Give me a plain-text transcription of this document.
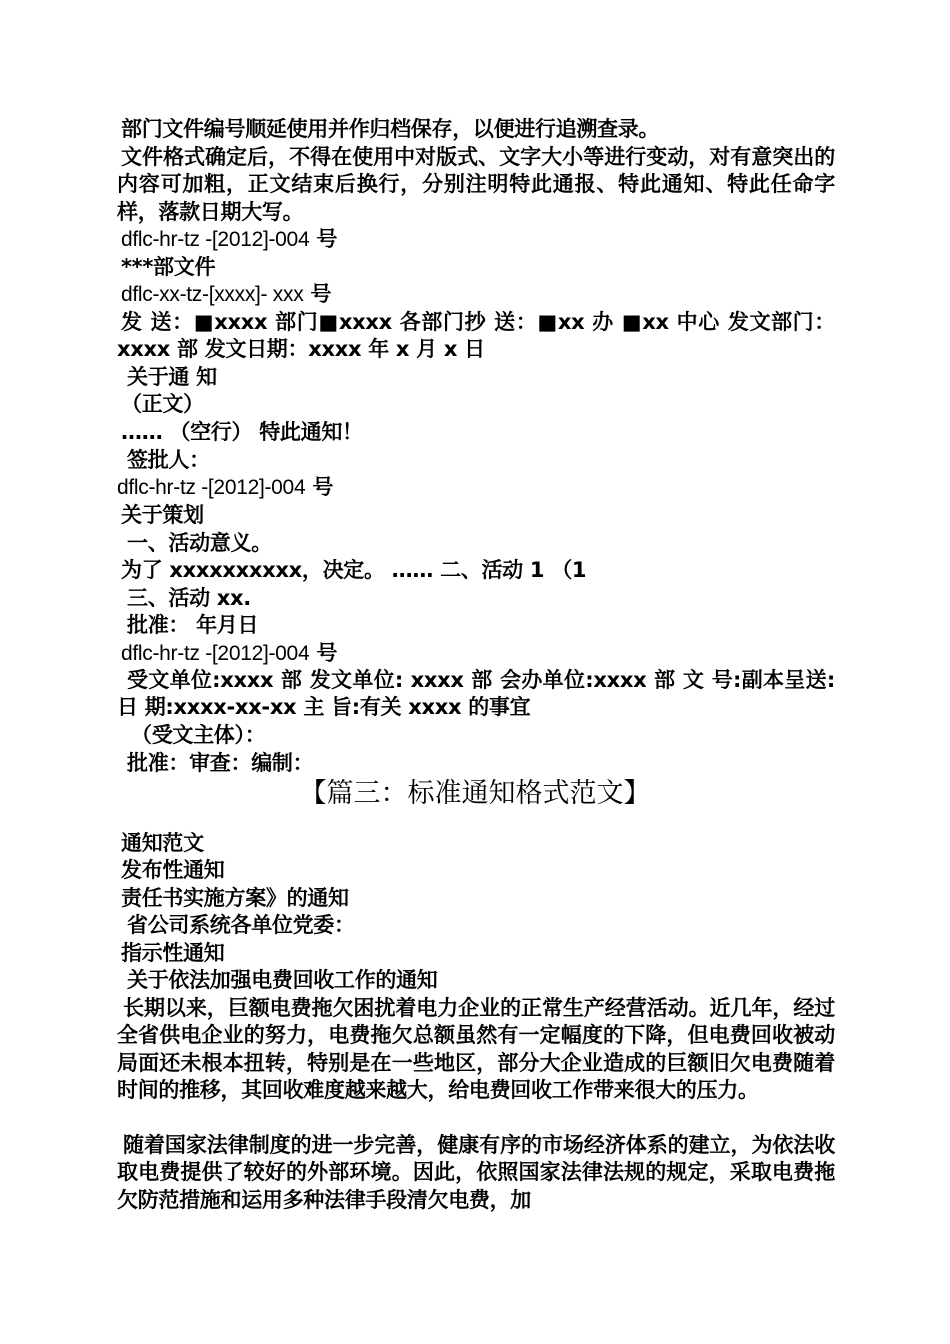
部门文件编号顺延使用并作归档保存，以便进行追溯查录。
文件格式确定后，不得在使用中对版式、文字大小等进行变动，对有意突出的内容可加粗，正文结束后换行，分别注明特此通报、特此通知、特此任命字样，落款日期大写。
dflc-hr-tz -[2012]-004 号
***部文件
dflc-xx-tz-[xxxx]- xxx 号
发 送：■xxxx 部门■xxxx 各部门抄 送：■xx 办 ■xx 中心 发文部门：xxxx 部 发文日期：xxxx 年 x 月 x 日
关于通 知
（正文）
…… （空行） 特此通知！
签批人：
dflc-hr-tz -[2012]-004 号
关于策划
一、活动意义。
为了 xxxxxxxxxx，决定。 …… 二、活动 1 （1
三、活动 xx.
批准： 年月日
dflc-hr-tz -[2012]-004 号
受文单位:xxxx 部 发文单位: xxxx 部 会办单位:xxxx 部 文 号:副本呈送: 日 期:xxxx-xx-xx 主 旨:有关 xxxx 的事宜
（受文主体）：
批准：审查：编制：
【篇三：标准通知格式范文】
通知范文
发布性通知
责任书实施方案》的通知
省公司系统各单位党委：
指示性通知
关于依法加强电费回收工作的通知
长期以来，巨额电费拖欠困扰着电力企业的正常生产经营活动。近几年，经过全省供电企业的努力，电费拖欠总额虽然有一定幅度的下降，但电费回收被动局面还未根本扭转，特别是在一些地区，部分大企业造成的巨额旧欠电费随着时间的推移，其回收难度越来越大，给电费回收工作带来很大的压力。
随着国家法律制度的进一步完善，健康有序的市场经济体系的建立，为依法收取电费提供了较好的外部环境。因此，依照国家法律法规的规定，采取电费拖欠防范措施和运用多种法律手段清欠电费，加
